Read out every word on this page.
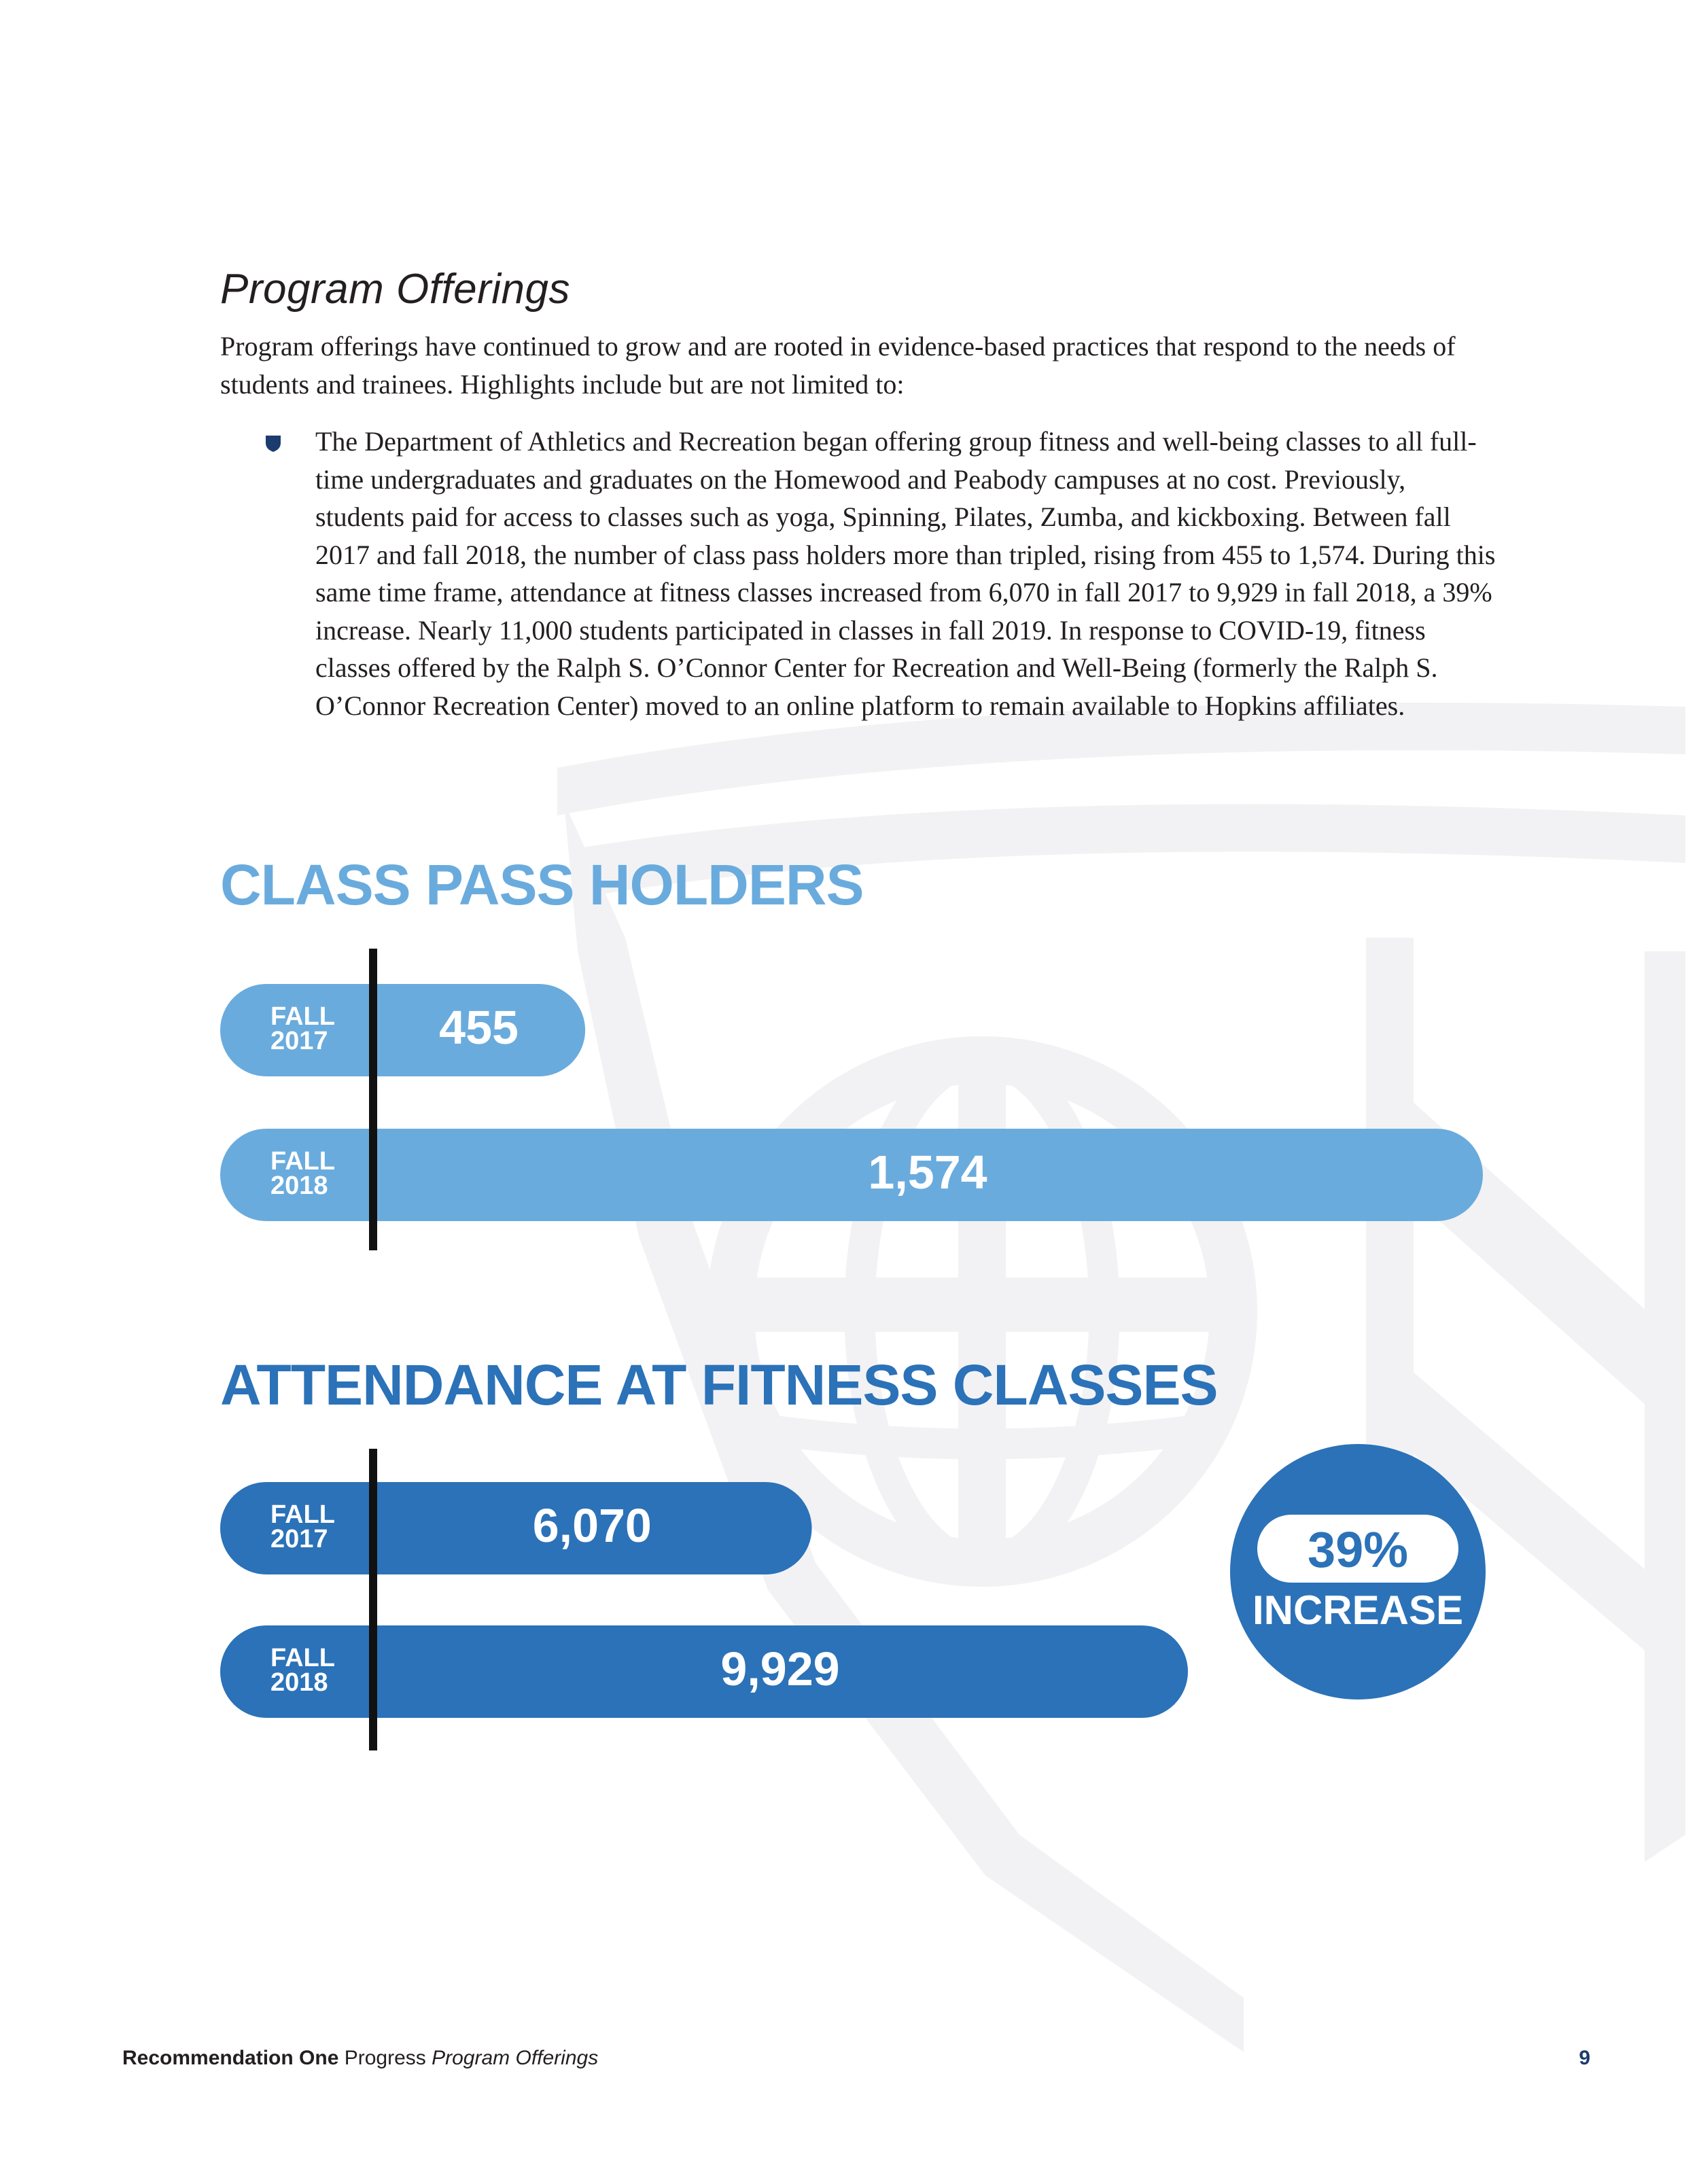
Program Offerings

Program offerings have continued to grow and are rooted in evidence-based practices that respond to the needs of students and trainees. Highlights include but are not limited to:

The Department of Athletics and Recreation began offering group fitness and well-being classes to all full-time undergraduates and graduates on the Homewood and Peabody campuses at no cost. Previously, students paid for access to classes such as yoga, Spinning, Pilates, Zumba, and kickboxing. Between fall 2017 and fall 2018, the number of class pass holders more than tripled, rising from 455 to 1,574. During this same time frame, attendance at fitness classes increased from 6,070 in fall 2017 to 9,929 in fall 2018, a 39% increase. Nearly 11,000 students participated in classes in fall 2019. In response to COVID-19, fitness classes offered by the Ralph S. O’Connor Center for Recreation and Well-Being (formerly the Ralph S. O’Connor Recreation Center) moved to an online platform to remain available to Hopkins affiliates.

CLASS PASS HOLDERS
ATTENDANCE AT FITNESS CLASSES
FALL
2017 455
FALL
2018	1,574
FALL
2017	6,070
FALL
2018	9,929
39%
INCREASE

Recommendation One Progress Program Offerings	9
